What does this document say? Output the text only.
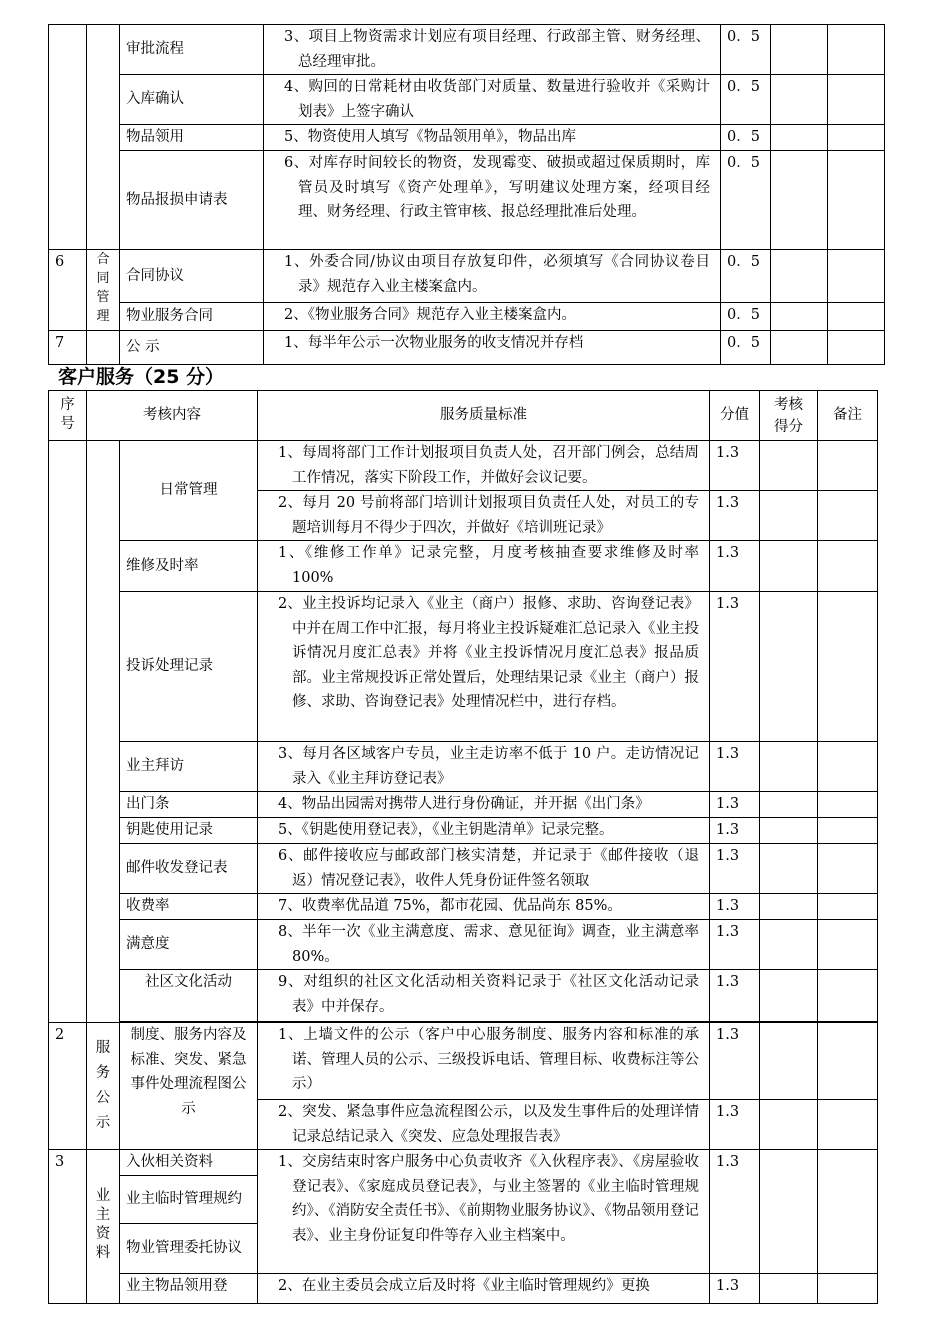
		审批流程	3、项目上物资需求计划应有项目经理、行政部主管、财务经理、总经理审批。	0．5		
		入库确认	4、购回的日常耗材由收货部门对质量、数量进行验收并《采购计划表》上签字确认	0．5		
		物品领用	5、物资使用人填写《物品领用单》，物品出库	0．5		
		物品报损申请表	6、对库存时间较长的物资，发现霉变、破损或超过保质期时，库管员及时填写《资产处理单》，写明建议处理方案，经项目经理、财务经理、行政主管审核、报总经理批准后处理。	0．5		
6	合同管理	合同协议	1、外委合同/协议由项目存放复印件，必须填写《合同协议卷目录》规范存入业主楼案盒内。	0．5		
		物业服务合同	2、《物业服务合同》规范存入业主楼案盒内。	0．5		
7		公 示	1、每半年公示一次物业服务的收支情况并存档	0．5		
客户服务（25 分）
序号	考核内容		服务质量标准	分值	考核得分	备注
		日常管理	1、每周将部门工作计划报项目负责人处，召开部门例会，总结周工作情况，落实下阶段工作，并做好会议记要。	1.3		

			2、每月 20 号前将部门培训计划报项目负责任人处，对员工的专题培训每月不得少于四次，并做好《培训班记录》	1.3		
		维修及时率	1、《维修工作单》记录完整，月度考核抽查要求维修及时率 100%	1.3		
		投诉处理记录	2、业主投诉均记录入《业主（商户）报修、求助、咨询登记表》中并在周工作中汇报，每月将业主投诉疑难汇总记录入《业主投诉情况月度汇总表》并将《业主投诉情况月度汇总表》报品质部。业主常规投诉正常处置后，处理结果记录《业主（商户）报修、求助、咨询登记表》处理情况栏中，进行存档。	1.3		
		业主拜访	3、每月各区域客户专员，业主走访率不低于 10 户。走访情况记录入《业主拜访登记表》	1.3		
		出门条	4、物品出园需对携带人进行身份确证，并开据《出门条》	1.3		
		钥匙使用记录	5、《钥匙使用登记表》，《业主钥匙清单》记录完整。	1.3		
		邮件收发登记表	6、邮件接收应与邮政部门核实清楚，并记录于《邮件接收（退返）情况登记表》，收件人凭身份证件签名领取	1.3		
		收费率	7、收费率优品道 75%，都市花园、优品尚东 85%。	1.3		
		满意度	8、半年一次《业主满意度、需求、意见征询》调查，业主满意率 80%。	1.3		
		社区文化活动	9、对组织的社区文化活动相关资料记录于《社区文化活动记录表》中并保存。	1.3		

2	服务公示	制度、服务内容及标准、突发、紧急事件处理流程图公示	1、上墙文件的公示（客户中心服务制度、服务内容和标准的承诺、管理人员的公示、三级投诉电话、管理目标、收费标注等公示）	1.3		

			2、突发、紧急事件应急流程图公示，以及发生事件后的处理详情记录总结记录入《突发、应急处理报告表》	1.3		
3	业主资料	入伙相关资料	1、交房结束时客户服务中心负责收齐《入伙程序表》、《房屋验收登记表》、《家庭成员登记表》，与业主签署的《业主临时管理规约》、《消防安全责任书》、《前期物业服务协议》、《物品领用登记表》、业主身份证复印件等存入业主档案中。	1.3		
		业主临时管理规约				
		物业管理委托协议				
		业主物品领用登	2、在业主委员会成立后及时将《业主临时管理规约》更换	1.3		
